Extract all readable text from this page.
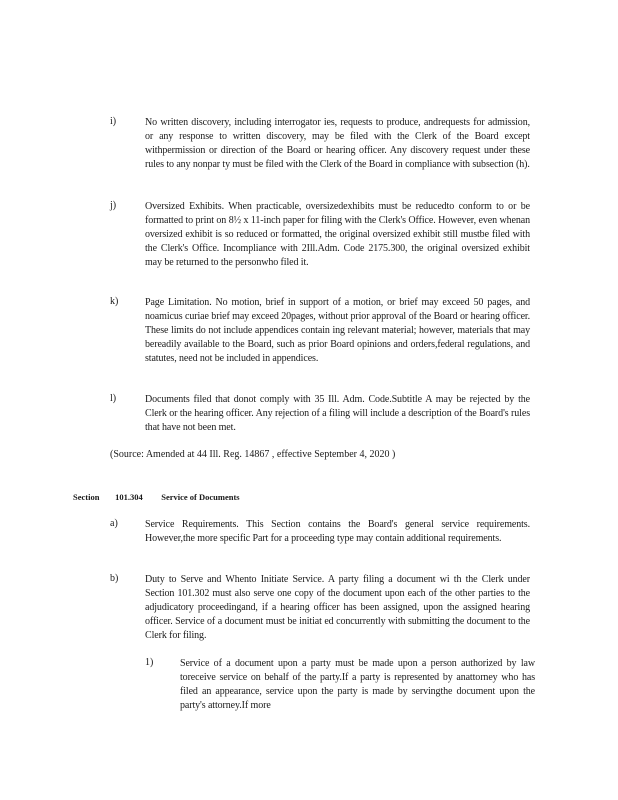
i)	No written discovery, including interrogator ies, requests to produce, andrequests for admission, or any response to written discovery, may be filed with the Clerk of the Board except withpermission or direction of the Board or hearing officer. Any discovery request under these rules to any nonpar ty must be filed with the Clerk of the Board in compliance with subsection (h).
j)	Oversized Exhibits. When practicable, oversizedexhibits must be reducedto conform to or be formatted to print on 8½ x 11-inch paper for filing with the Clerk's Office. However, even whenan oversized exhibit is so reduced or formatted, the original oversized exhibit still mustbe filed with the Clerk's Office. Incompliance with 2Ill.Adm. Code 2175.300, the original oversized exhibit may be returned to the personwho filed it.
k)	Page Limitation. No motion, brief in support of a motion, or brief may exceed 50 pages, and noamicus curiae brief may exceed 20pages, without prior approval of the Board or hearing officer. These limits do not include appendices contain ing relevant material; however, materials that may bereadily available to the Board, such as prior Board opinions and orders,federal regulations, and statutes, need not be included in appendices.
l)	Documents filed that donot comply with 35 Ill. Adm. Code.Subtitle A may be rejected by the Clerk or the hearing officer. Any rejection of a filing will include a description of the Board's rules that have not been met.
(Source: Amended at 44 Ill. Reg. 14867 , effective September 4, 2020 )
Section 101.304 Service of Documents
a)	Service Requirements. This Section contains the Board's general service requirements. However,the more specific Part for a proceeding type may contain additional requirements.
b)	Duty to Serve and Whento Initiate Service. A party filing a document wi th the Clerk under Section 101.302 must also serve one copy of the document upon each of the other parties to the adjudicatory proceedingand, if a hearing officer has been assigned, upon the assigned hearing officer. Service of a document must be initiat ed concurrently with submitting the document to the Clerk for filing.
1)	Service of a document upon a party must be made upon a person authorized by law toreceive service on behalf of the party.If a party is represented by anattorney who has filed an appearance, service upon the party is made by servingthe document upon the party's attorney.If more
